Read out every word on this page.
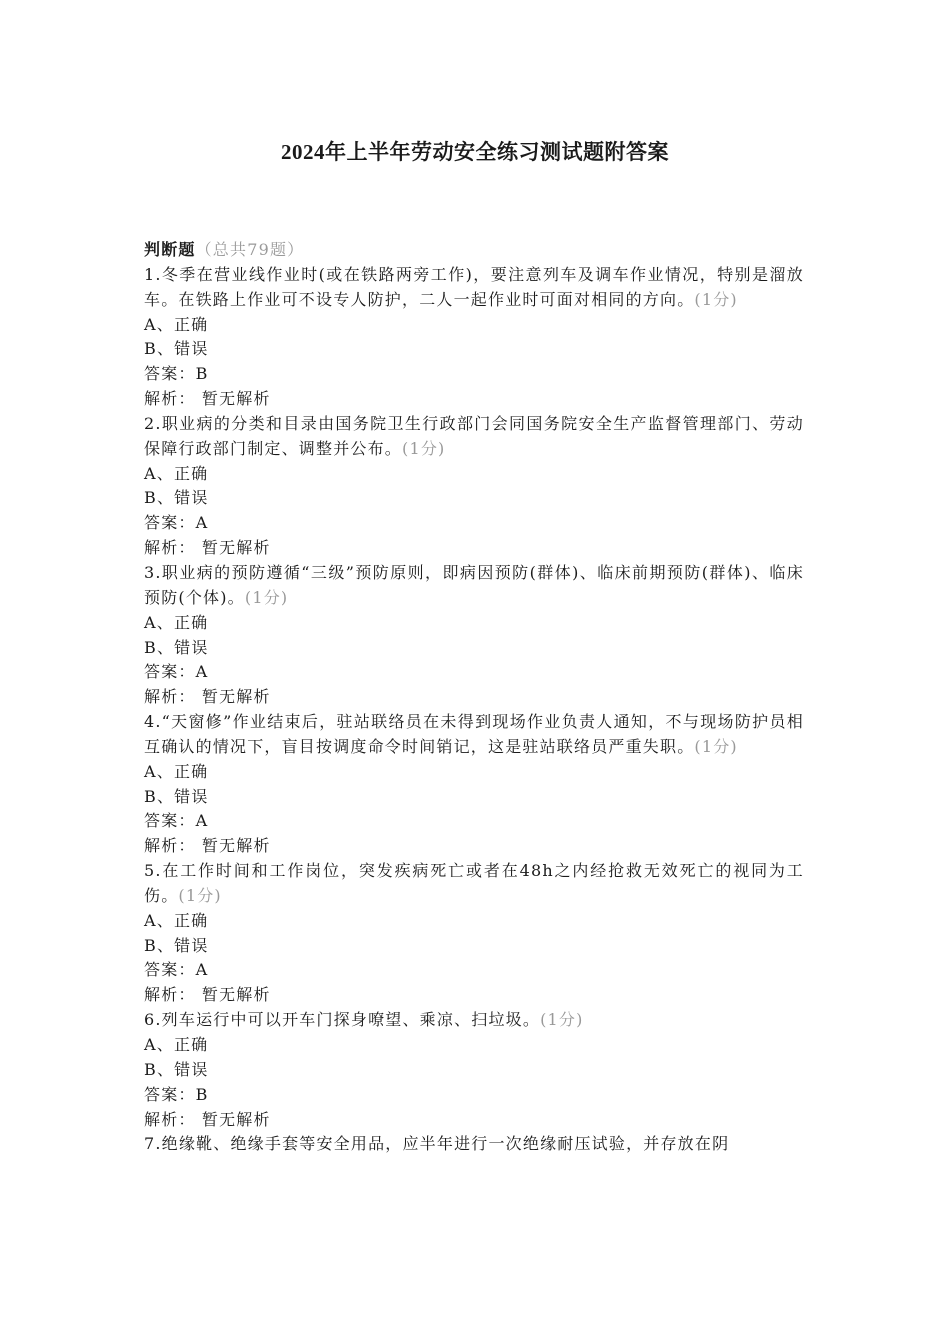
2024年上半年劳动安全练习测试题附答案
判断题（总共79题）
1.冬季在营业线作业时(或在铁路两旁工作)，要注意列车及调车作业情况，特别是溜放车。在铁路上作业可不设专人防护，二人一起作业时可面对相同的方向。(1分)
A、正确
B、错误
答案：B
解析： 暂无解析
2.职业病的分类和目录由国务院卫生行政部门会同国务院安全生产监督管理部门、劳动保障行政部门制定、调整并公布。(1分)
A、正确
B、错误
答案：A
解析： 暂无解析
3.职业病的预防遵循“三级”预防原则，即病因预防(群体)、临床前期预防(群体)、临床预防(个体)。(1分)
A、正确
B、错误
答案：A
解析： 暂无解析
4.“天窗修”作业结束后，驻站联络员在未得到现场作业负责人通知，不与现场防护员相互确认的情况下，盲目按调度命令时间销记，这是驻站联络员严重失职。(1分)
A、正确
B、错误
答案：A
解析： 暂无解析
5.在工作时间和工作岗位，突发疾病死亡或者在48h之内经抢救无效死亡的视同为工伤。(1分)
A、正确
B、错误
答案：A
解析： 暂无解析
6.列车运行中可以开车门探身嘹望、乘凉、扫垃圾。(1分)
A、正确
B、错误
答案：B
解析： 暂无解析
7.绝缘靴、绝缘手套等安全用品，应半年进行一次绝缘耐压试验，并存放在阴
